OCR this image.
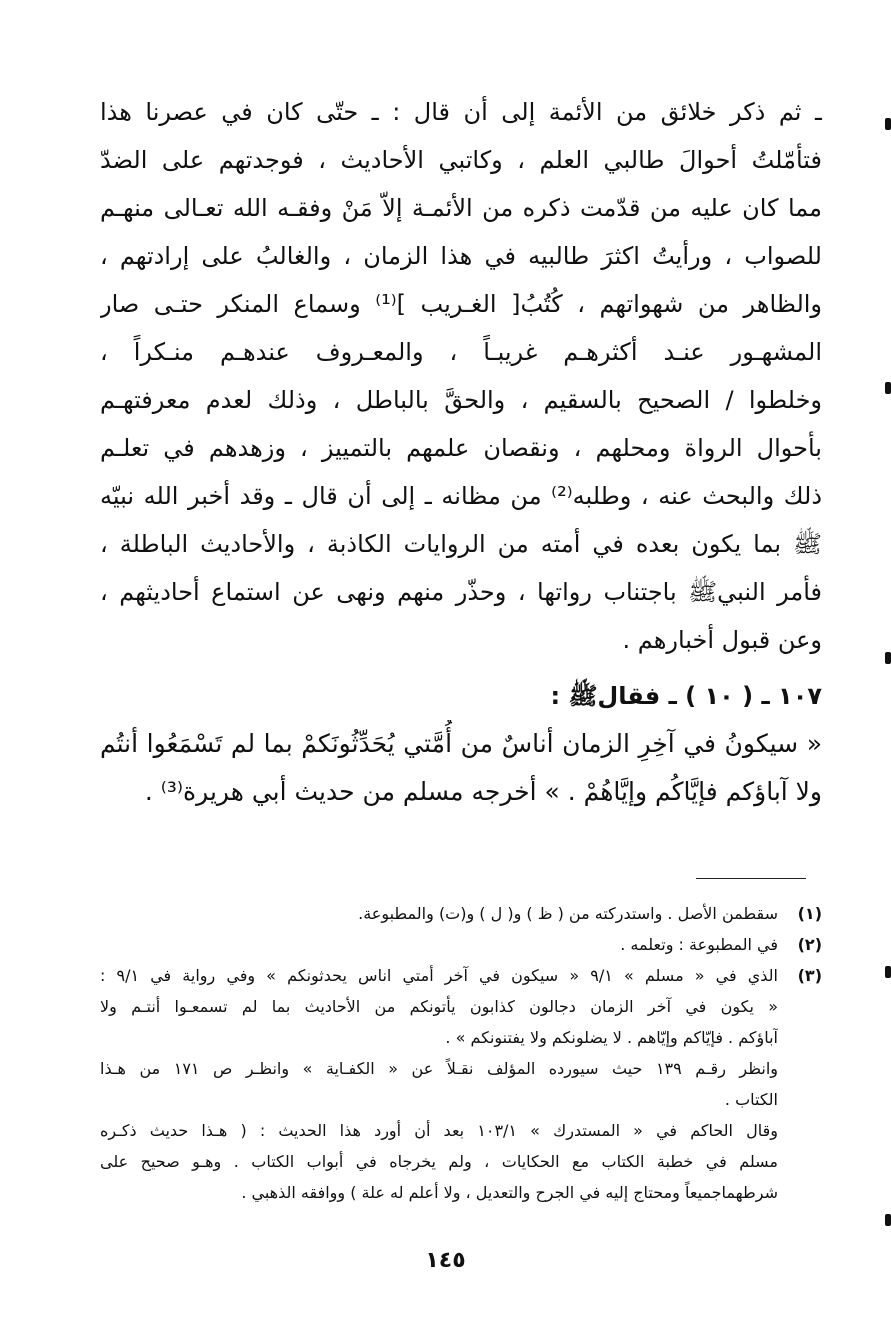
ـ ثم ذكر خلائق من الأئمة إلى أن قال : ـ حتّى كان في عصرنا هذا
فتأمّلتُ أحوالَ طالبي العلم ، وكاتبي الأحاديث ، فوجدتهم على الضدّ
مما كان عليه من قدّمت ذكره من الأئمـة إلاّ مَنْ وفقـه الله تعـالى منهـم
للصواب ، ورأيتُ اكثرَ طالبيه في هذا الزمان ، والغالبُ على إرادتهم ،
والظاهر من شهواتهم ، كُتُبُ[ الغـريب ]⁽¹⁾ وسماع المنكر حتـى صار
المشهـور عنـد أكثرهـم غريبـاً ، والمعـروف عندهـم منـكراً ،
وخلطوا / الصحيح بالسقيم ، والحقَّ بالباطل ، وذلك لعدم معرفتهـم
بأحوال الرواة ومحلهم ، ونقصان علمهم بالتمييز ، وزهدهم في تعلـم
ذلك والبحث عنه ، وطلبه⁽²⁾ من مظانه ـ إلى أن قال ـ وقد أخبر الله نبيّه
ﷺ بما يكون بعده في أمته من الروايات الكاذبة ، والأحاديث الباطلة ،
فأمر النبيﷺ باجتناب رواتها ، وحذّر منهم ونهى عن استماع أحاديثهم ،
وعن قبول أخبارهم .
١٠٧ ـ ( ١٠ ) ـ فقالﷺ :
« سيكونُ في آخِرِ الزمان أناسٌ من أُمَّتي يُحَدِّثُونَكمْ بما لم تَسْمَعُوا أنتُم
ولا آباؤكم فإيَّاكُم وإيَّاهُمْ . » أخرجه مسلم من حديث أبي هريرة⁽³⁾ .
(١)
سقطمن الأصل . واستدركته من ( ظ ) و( ل ) و(ت) والمطبوعة.
(٢)
في المطبوعة : وتعلمه .
(٣)
الذي في « مسلم » ٩/١ « سيكون في آخر أمتي اناس يحدثونكم » وفي رواية في ٩/١ :
« يكون في آخر الزمان دجالون كذابون يأتونكم من الأحاديث بما لم تسمعـوا أنتـم ولا
آباؤكم . فإيّاكم وإيّاهم . لا يضلونكم ولا يفتنونكم » .
وانظر رقـم ١٣٩ حيث سيورده المؤلف نقـلاً عن « الكفـاية » وانظـر ص ١٧١ من هـذا
الكتاب .
وقال الحاكم في « المستدرك » ١٠٣/١ بعد أن أورد هذا الحديث : ( هـذا حديث ذكـره
مسلم في خطبة الكتاب مع الحكايات ، ولم يخرجاه في أبواب الكتاب . وهـو صحيح على
شرطهماجميعاً ومحتاج إليه في الجرح والتعديل ، ولا أعلم له علة ) ووافقه الذهبي .
١٤٥
